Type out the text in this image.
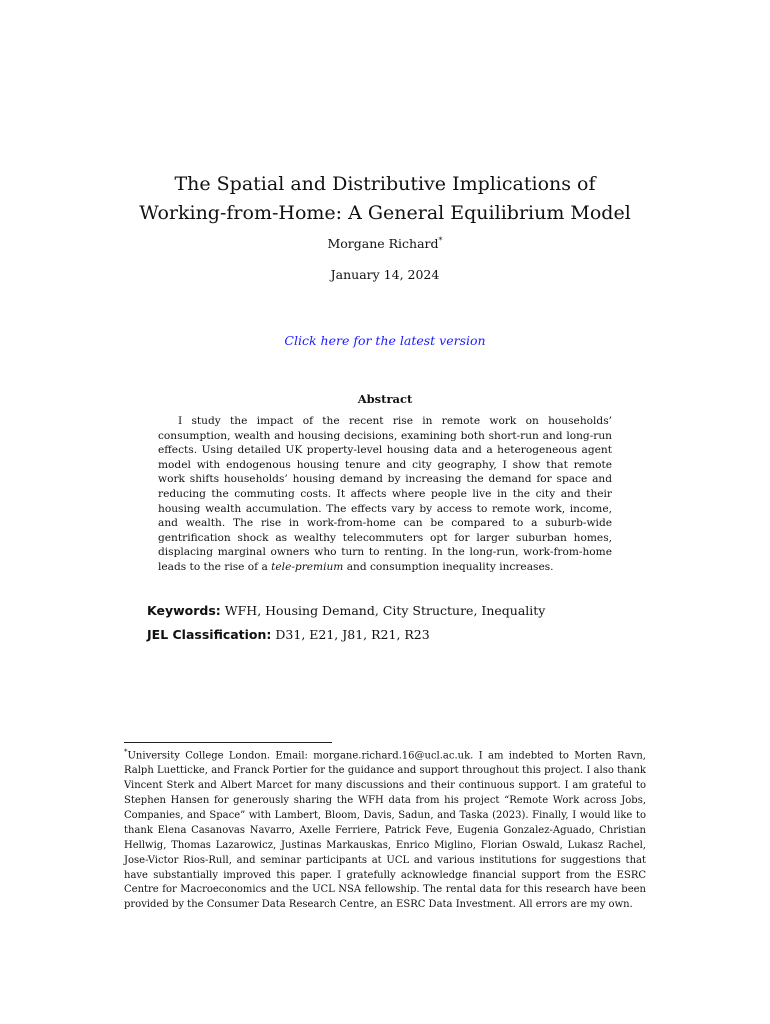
The Spatial and Distributive Implications of
Working-from-Home: A General Equilibrium Model
Morgane Richard*
January 14, 2024
Click here for the latest version
Abstract

I study the impact of the recent rise in remote work on households’ consumption, wealth and housing decisions, examining both short-run and long-run effects. Using detailed UK property-level housing data and a heterogeneous agent model with endogenous housing tenure and city geography, I show that remote work shifts households’ housing demand by increasing the demand for space and reducing the commuting costs. It affects where people live in the city and their housing wealth accumulation. The effects vary by access to remote work, income, and wealth. The rise in work-from-home can be compared to a suburb-wide gentrification shock as wealthy telecommuters opt for larger suburban homes, displacing marginal owners who turn to renting. In the long-run, work-from-home leads to the rise of a tele-premium and consumption inequality increases.

Keywords: WFH, Housing Demand, City Structure, Inequality
JEL Classification: D31, E21, J81, R21, R23

*University College London. Email: morgane.richard.16@ucl.ac.uk. I am indebted to Morten Ravn, Ralph Luetticke, and Franck Portier for the guidance and support throughout this project. I also thank Vincent Sterk and Albert Marcet for many discussions and their continuous support. I am grateful to Stephen Hansen for generously sharing the WFH data from his project “Remote Work across Jobs, Companies, and Space” with Lambert, Bloom, Davis, Sadun, and Taska (2023). Finally, I would like to thank Elena Casanovas Navarro, Axelle Ferriere, Patrick Feve, Eugenia Gonzalez-Aguado, Christian Hellwig, Thomas Lazarowicz, Justinas Markauskas, Enrico Miglino, Florian Oswald, Lukasz Rachel, Jose-Victor Rios-Rull, and seminar participants at UCL and various institutions for suggestions that have substantially improved this paper. I gratefully acknowledge financial support from the ESRC Centre for Macroeconomics and the UCL NSA fellowship. The rental data for this research have been provided by the Consumer Data Research Centre, an ESRC Data Investment. All errors are my own.
